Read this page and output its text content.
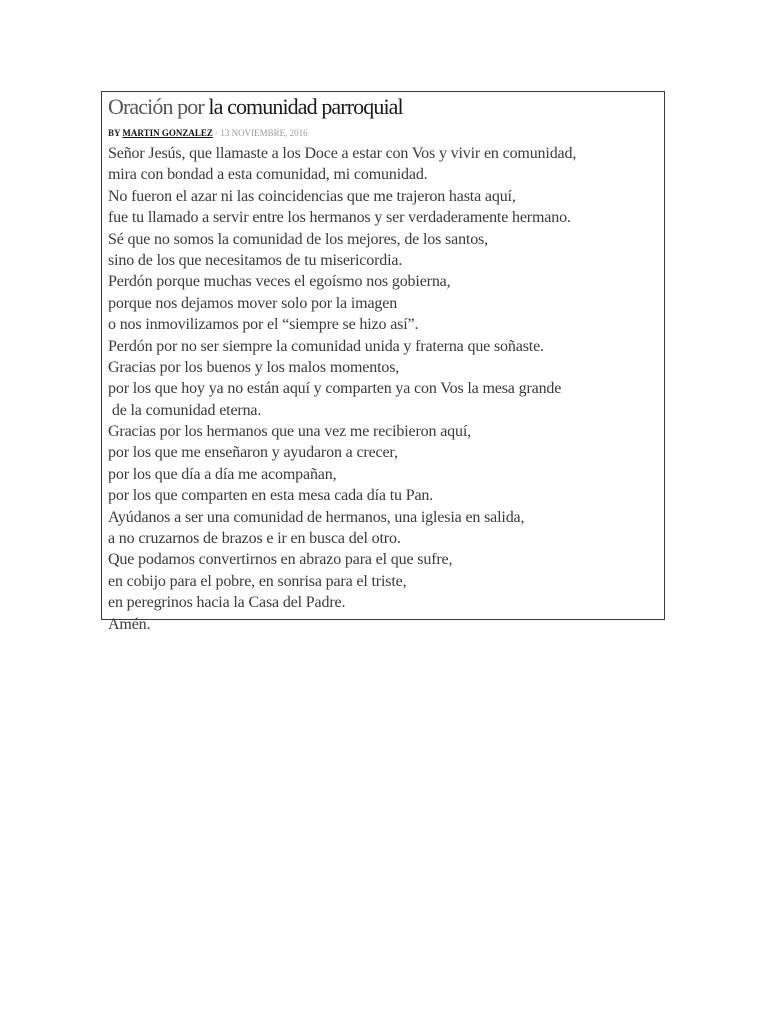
Oración por la comunidad parroquial
BY MARTIN GONZALEZ · 13 NOVIEMBRE, 2016
Señor Jesús, que llamaste a los Doce a estar con Vos y vivir en comunidad,
mira con bondad a esta comunidad, mi comunidad.
No fueron el azar ni las coincidencias que me trajeron hasta aquí,
fue tu llamado a servir entre los hermanos y ser verdaderamente hermano.
Sé que no somos la comunidad de los mejores, de los santos,
sino de los que necesitamos de tu misericordia.
Perdón porque muchas veces el egoísmo nos gobierna,
porque nos dejamos mover solo por la imagen
o nos inmovilizamos por el “siempre se hizo así”.
Perdón por no ser siempre la comunidad unida y fraterna que soñaste.
Gracias por los buenos y los malos momentos,
por los que hoy ya no están aquí y comparten ya con Vos la mesa grande
de la comunidad eterna.
Gracias por los hermanos que una vez me recibieron aquí,
por los que me enseñaron y ayudaron a crecer,
por los que día a día me acompañan,
por los que comparten en esta mesa cada día tu Pan.
Ayúdanos a ser una comunidad de hermanos, una iglesia en salida,
a no cruzarnos de brazos e ir en busca del otro.
Que podamos convertirnos en abrazo para el que sufre,
en cobijo para el pobre, en sonrisa para el triste,
en peregrinos hacia la Casa del Padre.
Amén.
